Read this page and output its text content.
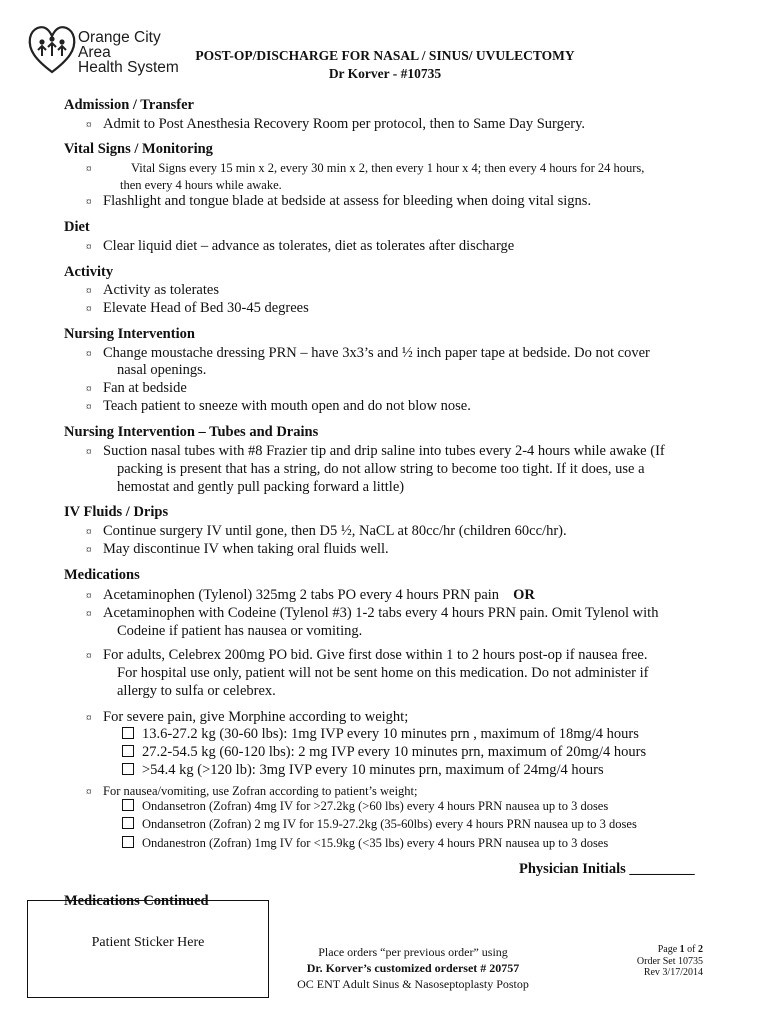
Orange City Area
Health System
POST-OP/DISCHARGE FOR NASAL / SINUS/ UVULECTOMY
Dr Korver - #10735
Admission / Transfer
¤ Admit to Post Anesthesia Recovery Room per protocol, then to Same Day Surgery.
Vital Signs / Monitoring
¤	Vital Signs every 15 min x 2, every 30 min x 2, then every 1 hour x 4; then every 4 hours for 24 hours,
then every 4 hours while awake.
¤ Flashlight and tongue blade at bedside at assess for bleeding when doing vital signs.
Diet
¤ Clear liquid diet – advance as tolerates, diet as tolerates after discharge
Activity
¤ Activity as tolerates
¤ Elevate Head of Bed 30-45 degrees
Nursing Intervention
¤ Change moustache dressing PRN – have 3x3’s and ½ inch paper tape at bedside. Do not cover
nasal openings.
¤ Fan at bedside
¤ Teach patient to sneeze with mouth open and do not blow nose.
Nursing Intervention – Tubes and Drains
¤ Suction nasal tubes with #8 Frazier tip and drip saline into tubes every 2-4 hours while awake (If
packing is present that has a string, do not allow string to become too tight. If it does, use a
hemostat and gently pull packing forward a little)
IV Fluids / Drips
¤ Continue surgery IV until gone, then D5 ½, NaCL at 80cc/hr (children 60cc/hr).
¤ May discontinue IV when taking oral fluids well.
Medications
¤ Acetaminophen (Tylenol) 325mg 2 tabs PO every 4 hours PRN pain OR
¤ Acetaminophen with Codeine (Tylenol #3) 1-2 tabs every 4 hours PRN pain. Omit Tylenol with
Codeine if patient has nausea or vomiting.
¤ For adults, Celebrex 200mg PO bid. Give first dose within 1 to 2 hours post-op if nausea free.
For hospital use only, patient will not be sent home on this medication. Do not administer if
allergy to sulfa or celebrex.
¤ For severe pain, give Morphine according to weight;
13.6-27.2 kg (30-60 lbs): 1mg IVP every 10 minutes prn , maximum of 18mg/4 hours
27.2-54.5 kg (60-120 lbs): 2 mg IVP every 10 minutes prn, maximum of 20mg/4 hours
>54.4 kg (>120 lb): 3mg IVP every 10 minutes prn, maximum of 24mg/4 hours
¤ For nausea/vomiting, use Zofran according to patient’s weight;
Ondansetron (Zofran) 4mg IV for >27.2kg (>60 lbs) every 4 hours PRN nausea up to 3 doses
Ondansetron (Zofran) 2 mg IV for 15.9-27.2kg (35-60lbs) every 4 hours PRN nausea up to 3 doses
Ondanestron (Zofran) 1mg IV for <15.9kg (<35 lbs) every 4 hours PRN nausea up to 3 doses
Physician Initials _________
Medications Continued
Patient Sticker Here
Place orders “per previous order” using
Dr. Korver’s customized orderset # 20757
OC ENT Adult Sinus & Nasoseptoplasty Postop
Page 1 of 2
Order Set 10735
Rev 3/17/2014
